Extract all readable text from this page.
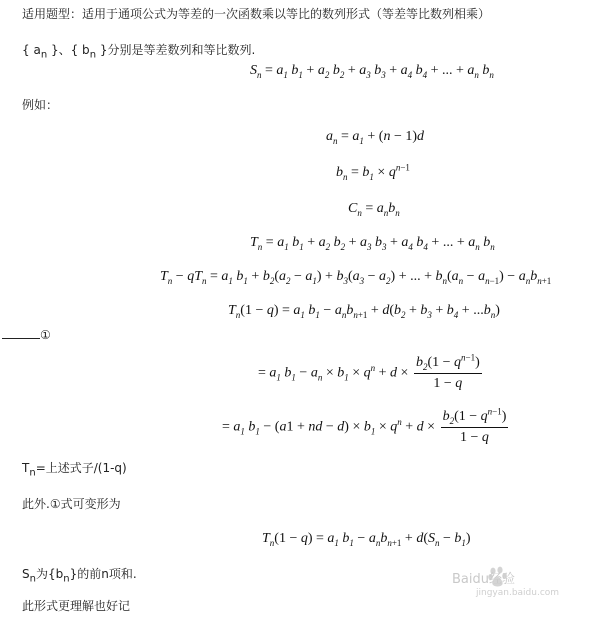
适用题型：适用于通项公式为等差的一次函数乘以等比的数列形式（等差等比数列相乘）
{ $a_n$ }、{ $b_n$ }分别是等差数列和等比数列.
$S_n = a_1$ $b_1 + a_2$ $b_2 + a_3$ $b_3 + a_4$ $b_4$ + ... + $a_n$ $b_n$
例如：
$a_n = a_1 + (n - 1)d$
$b_n = b_1 \times q^{n-1}$
$C_n = a_nb_n$
$T_n = a_1$ $b_1 + a_2$ $b_2 + a_3$ $b_3 + a_4$ $b_4$ + ... + $a_n$ $b_n$
$T_n - qT_n = a_1$ $b_1 + b_2(a_2 - a_1) + b_3(a_3 - a_2)$ + ... + $b_n(a_n - a_{n-1}) - a_nb_{n+1}$
$T_n(1 - q) = a_1$ $b_1 - a_nb_{n+1} + d(b_2 + b_3 + b_4 + ...b_n)$
①
= $a_1$ $b_1 - a_n \times b_1 \times q^n + d \times \frac{b_2(1 - q^{n-1})}{1 - q}$
= $a_1$ $b_1 - (a1$ + nd − $d) \times b_1 \times q^n + d \times \frac{b_2(1 - q^{n-1})}{1 - q}$
$T_n=$上述式子/(1-q)
此外.①式可变形为
$T_n(1 - q) = a_1$ $b_1 - a_nb_{n+1} + d(S_n - b_1)$
$S_n$为$\{b_n\}$的前n项和.
此形式更理解也好记
Baidu经验
jingyan.baidu.com
